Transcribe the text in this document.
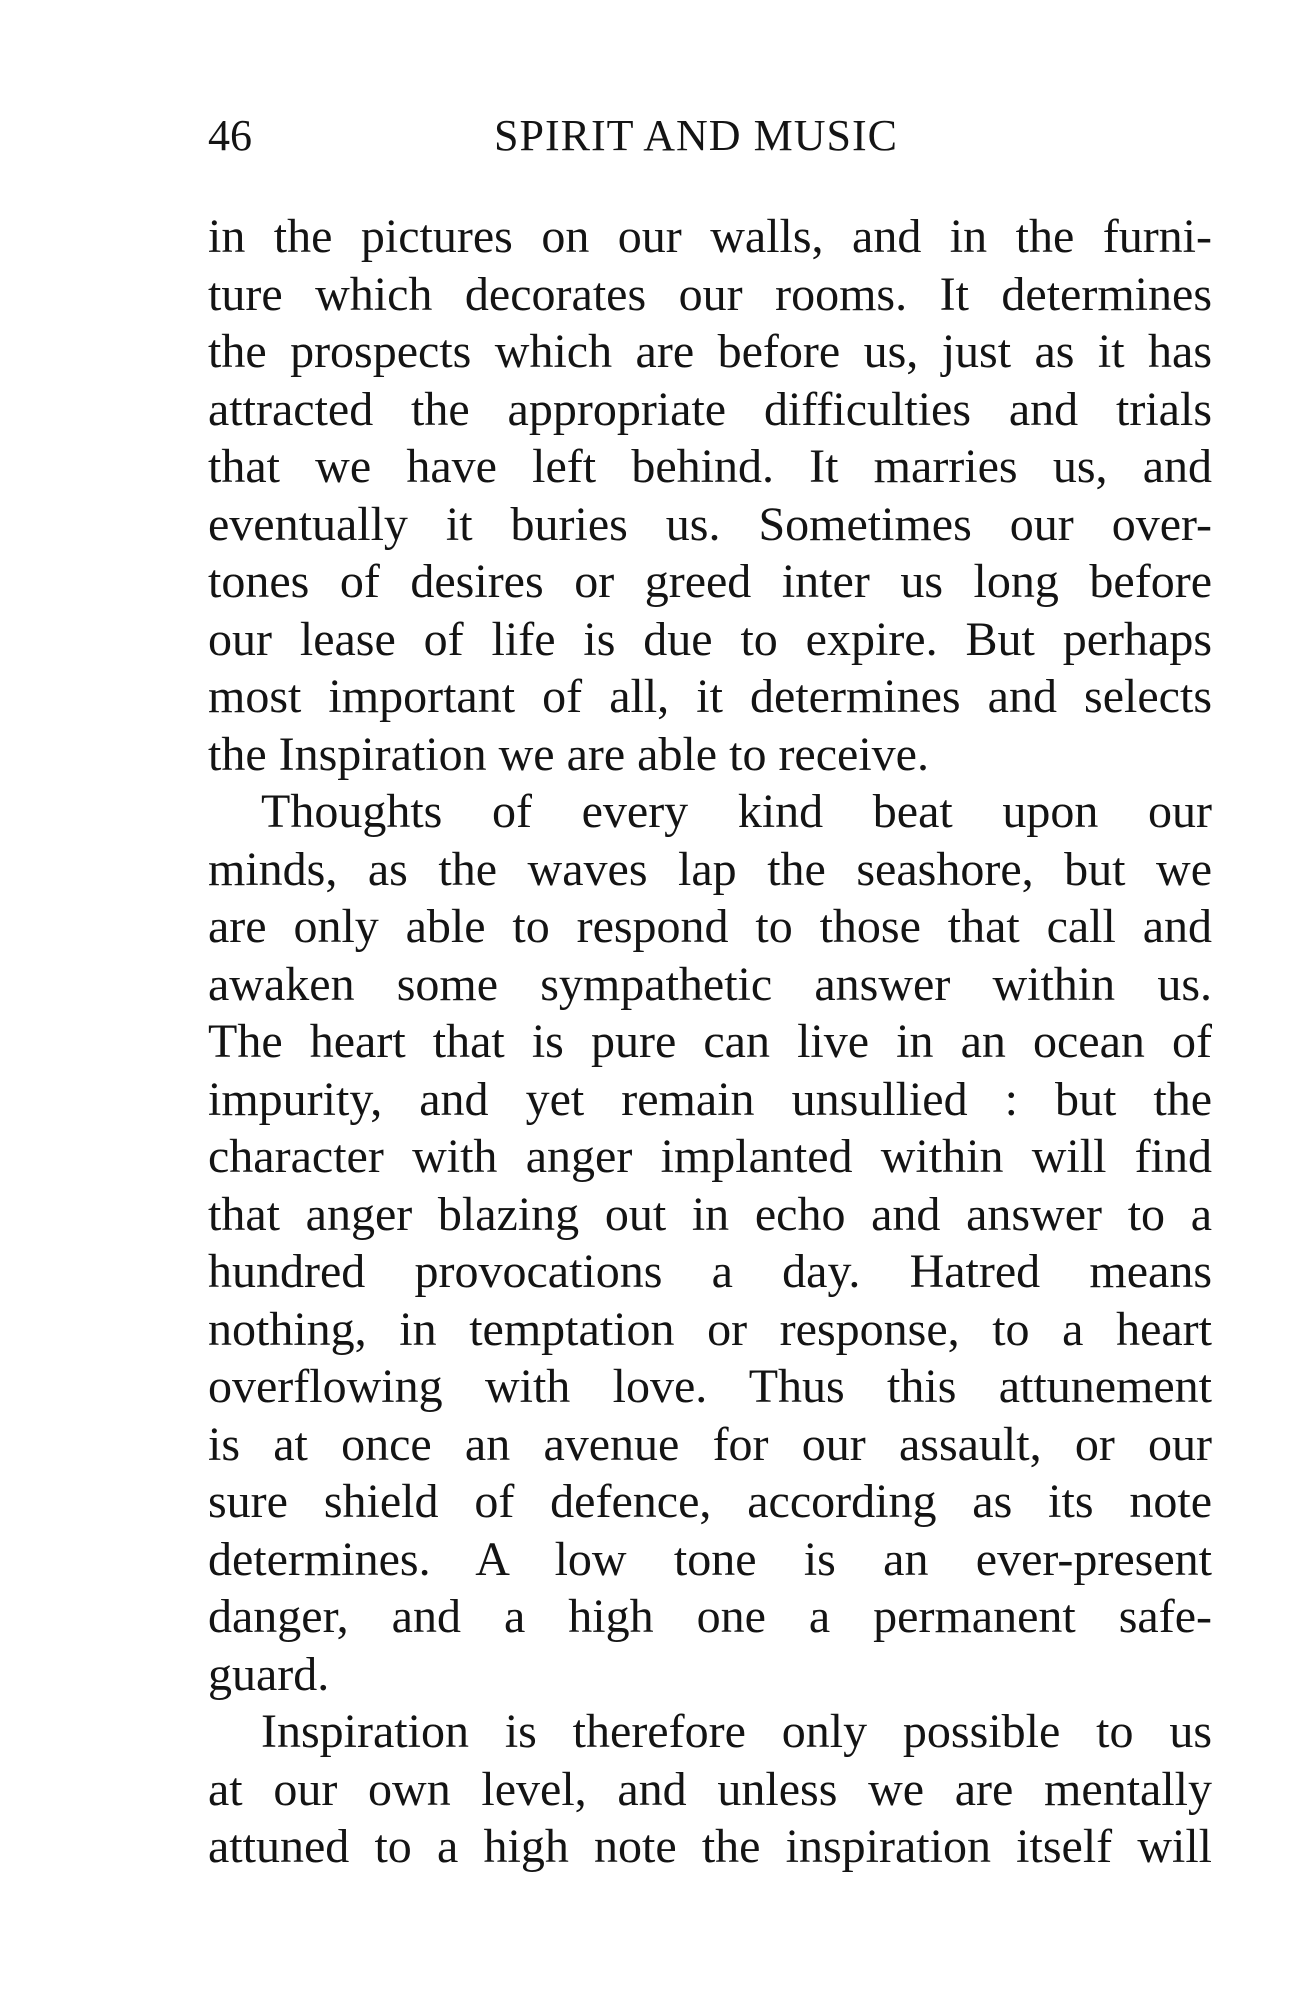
46	SPIRIT AND MUSIC
in the pictures on our walls, and in the furni-
ture which decorates our rooms. It determines
the prospects which are before us, just as it has
attracted the appropriate difficulties and trials
that we have left behind. It marries us, and
eventually it buries us. Sometimes our over-
tones of desires or greed inter us long before
our lease of life is due to expire. But perhaps
most important of all, it determines and selects
the Inspiration we are able to receive.
Thoughts of every kind beat upon our
minds, as the waves lap the seashore, but we
are only able to respond to those that call and
awaken some sympathetic answer within us.
The heart that is pure can live in an ocean of
impurity, and yet remain unsullied : but the
character with anger implanted within will find
that anger blazing out in echo and answer to a
hundred provocations a day. Hatred means
nothing, in temptation or response, to a heart
overflowing with love. Thus this attunement
is at once an avenue for our assault, or our
sure shield of defence, according as its note
determines. A low tone is an ever-present
danger, and a high one a permanent safe-
guard.
Inspiration is therefore only possible to us
at our own level, and unless we are mentally
attuned to a high note the inspiration itself will
